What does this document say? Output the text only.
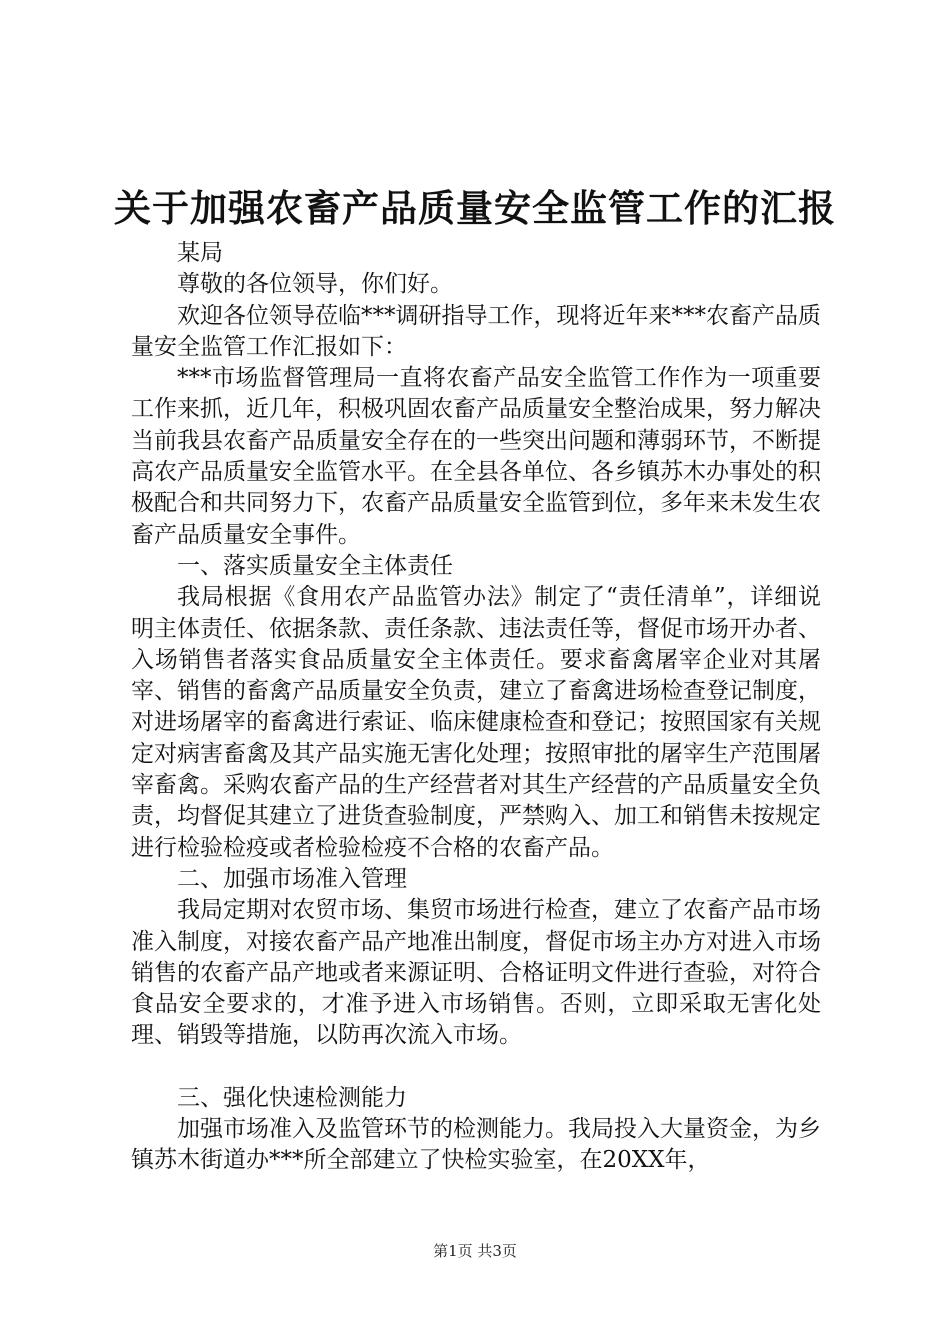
关于加强农畜产品质量安全监管工作的汇报

某局

尊敬的各位领导，你们好。

欢迎各位领导莅临***调研指导工作，现将近年来***农畜产品质量安全监管工作汇报如下：

***市场监督管理局一直将农畜产品安全监管工作作为一项重要工作来抓，近几年，积极巩固农畜产品质量安全整治成果，努力解决当前我县农畜产品质量安全存在的一些突出问题和薄弱环节，不断提高农产品质量安全监管水平。在全县各单位、各乡镇苏木办事处的积极配合和共同努力下，农畜产品质量安全监管到位，多年来未发生农畜产品质量安全事件。

一、落实质量安全主体责任

我局根据《食用农产品监管办法》制定了“责任清单”，详细说明主体责任、依据条款、责任条款、违法责任等，督促市场开办者、入场销售者落实食品质量安全主体责任。要求畜禽屠宰企业对其屠宰、销售的畜禽产品质量安全负责，建立了畜禽进场检查登记制度，对进场屠宰的畜禽进行索证、临床健康检查和登记；按照国家有关规定对病害畜禽及其产品实施无害化处理；按照审批的屠宰生产范围屠宰畜禽。采购农畜产品的生产经营者对其生产经营的产品质量安全负责，均督促其建立了进货查验制度，严禁购入、加工和销售未按规定进行检验检疫或者检验检疫不合格的农畜产品。

二、加强市场准入管理

我局定期对农贸市场、集贸市场进行检查，建立了农畜产品市场准入制度，对接农畜产品产地准出制度，督促市场主办方对进入市场销售的农畜产品产地或者来源证明、合格证明文件进行查验，对符合食品安全要求的，才准予进入市场销售。否则，立即采取无害化处理、销毁等措施，以防再次流入市场。

三、强化快速检测能力

加强市场准入及监管环节的检测能力。我局投入大量资金，为乡镇苏木街道办***所全部建立了快检实验室，在20XX年，

第1页 共3页
